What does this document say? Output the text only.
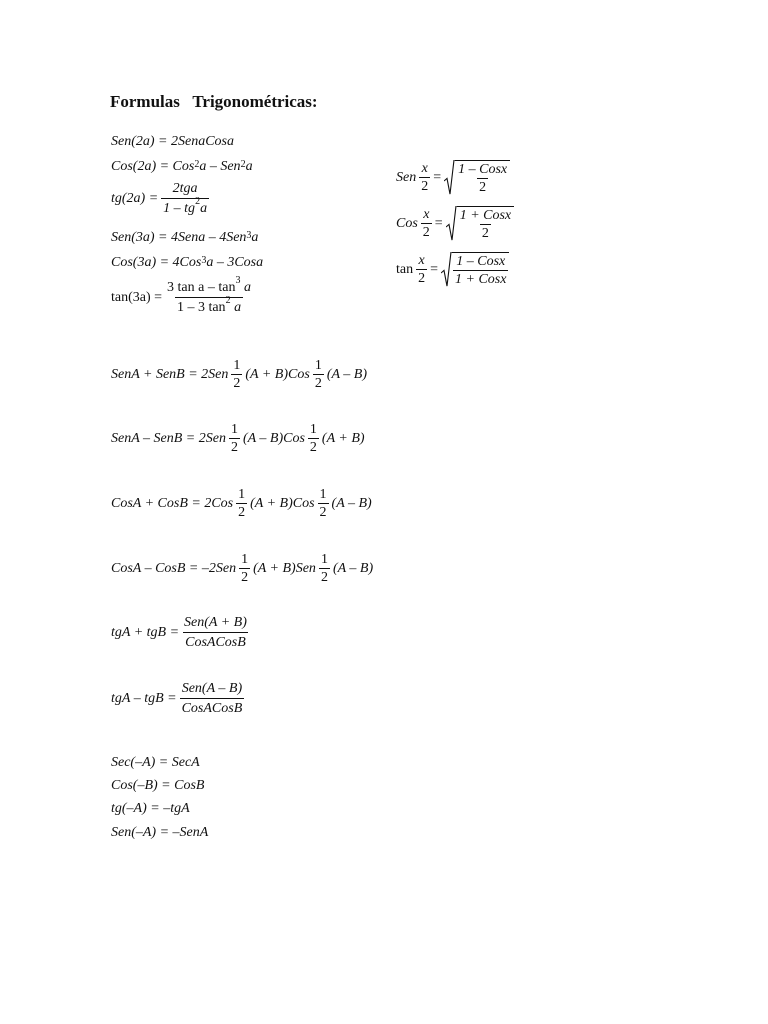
Formulas   Trigonométricas:
Sen(2a) = 2SenaCosa
Cos(2a) = Cos$^2$ a – Sen$^2$ a
$tg(2a) = \frac{\text{2tga}}{1 - tg^2a}$
Sen(3a) = 4Sena – 4Sen$^3$ a
Cos(3a) = 4Cos$^3$ a – 3Cosa
$\tan(3a) = \frac{3 \tan a - \tan^3 a}{1 - 3 \tan^2 a}$
Sen $\frac{x}{2} = \frac{\text{1 – Cosx}}{2}$
Cos $\frac{x}{2} = \frac{\text{1 + Cosx}}{2}$
$\tan \frac{x}{2} = \frac{\text{1 – Cosx}}{\text{1 + Cosx}}$
SenA + SenB = $2Sen \frac{1}{2} (A + B)Cos \frac{1}{2} (A - B)$
SenA – SenB = $2Sen \frac{1}{2} (A - B)Cos \frac{1}{2} (A + B)$
CosA + CosB = $2Cos \frac{1}{2} (A + B)Cos \frac{1}{2} (A - B)$
CosA – CosB = $-2Sen \frac{1}{2} (A + B)Sen \frac{1}{2} (A - B)$
tgA + tgB = $\frac{\text{Sen(A + B)}}{\text{CosACosB}}$
tgA – tgB = $\frac{\text{Sen(A – B)}}{\text{CosACosB}}$
Sec(–A) = SecA
Cos(–B) = CosB
tg(–A) = –tgA
Sen(–A) = –SenA
